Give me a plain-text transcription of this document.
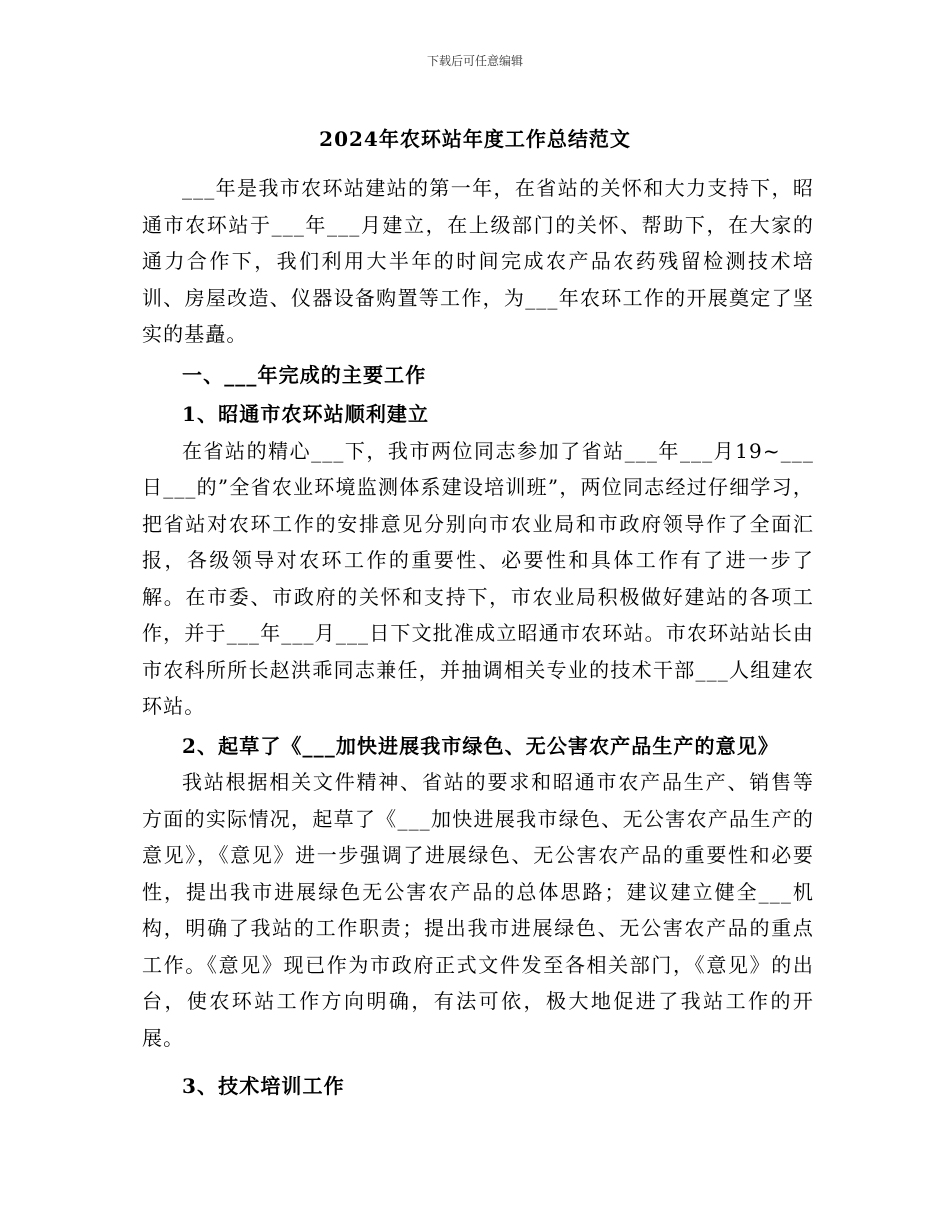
下载后可任意编辑
2024年农环站年度工作总结范文

___年是我市农环站建站的第一年，在省站的关怀和大力支持下，昭通市农环站于___年___月建立，在上级部门的关怀、帮助下，在大家的通力合作下，我们利用大半年的时间完成农产品农药残留检测技术培训、房屋改造、仪器设备购置等工作，为___年农环工作的开展奠定了坚实的基矗。

一、___年完成的主要工作

1、昭通市农环站顺利建立

在省站的精心___下，我市两位同志参加了省站___年___月19~___日___的”全省农业环境监测体系建设培训班”，两位同志经过仔细学习，把省站对农环工作的安排意见分别向市农业局和市政府领导作了全面汇报，各级领导对农环工作的重要性、必要性和具体工作有了进一步了解。在市委、市政府的关怀和支持下，市农业局积极做好建站的各项工作，并于___年___月___日下文批准成立昭通市农环站。市农环站站长由市农科所所长赵洪乖同志兼任，并抽调相关专业的技术干部___人组建农环站。

2、起草了《___加快进展我市绿色、无公害农产品生产的意见》

我站根据相关文件精神、省站的要求和昭通市农产品生产、销售等方面的实际情况，起草了《___加快进展我市绿色、无公害农产品生产的意见》，《意见》进一步强调了进展绿色、无公害农产品的重要性和必要性，提出我市进展绿色无公害农产品的总体思路；建议建立健全___机构，明确了我站的工作职责；提出我市进展绿色、无公害农产品的重点工作。《意见》现已作为市政府正式文件发至各相关部门，《意见》的出台，使农环站工作方向明确，有法可依，极大地促进了我站工作的开展。

3、技术培训工作
